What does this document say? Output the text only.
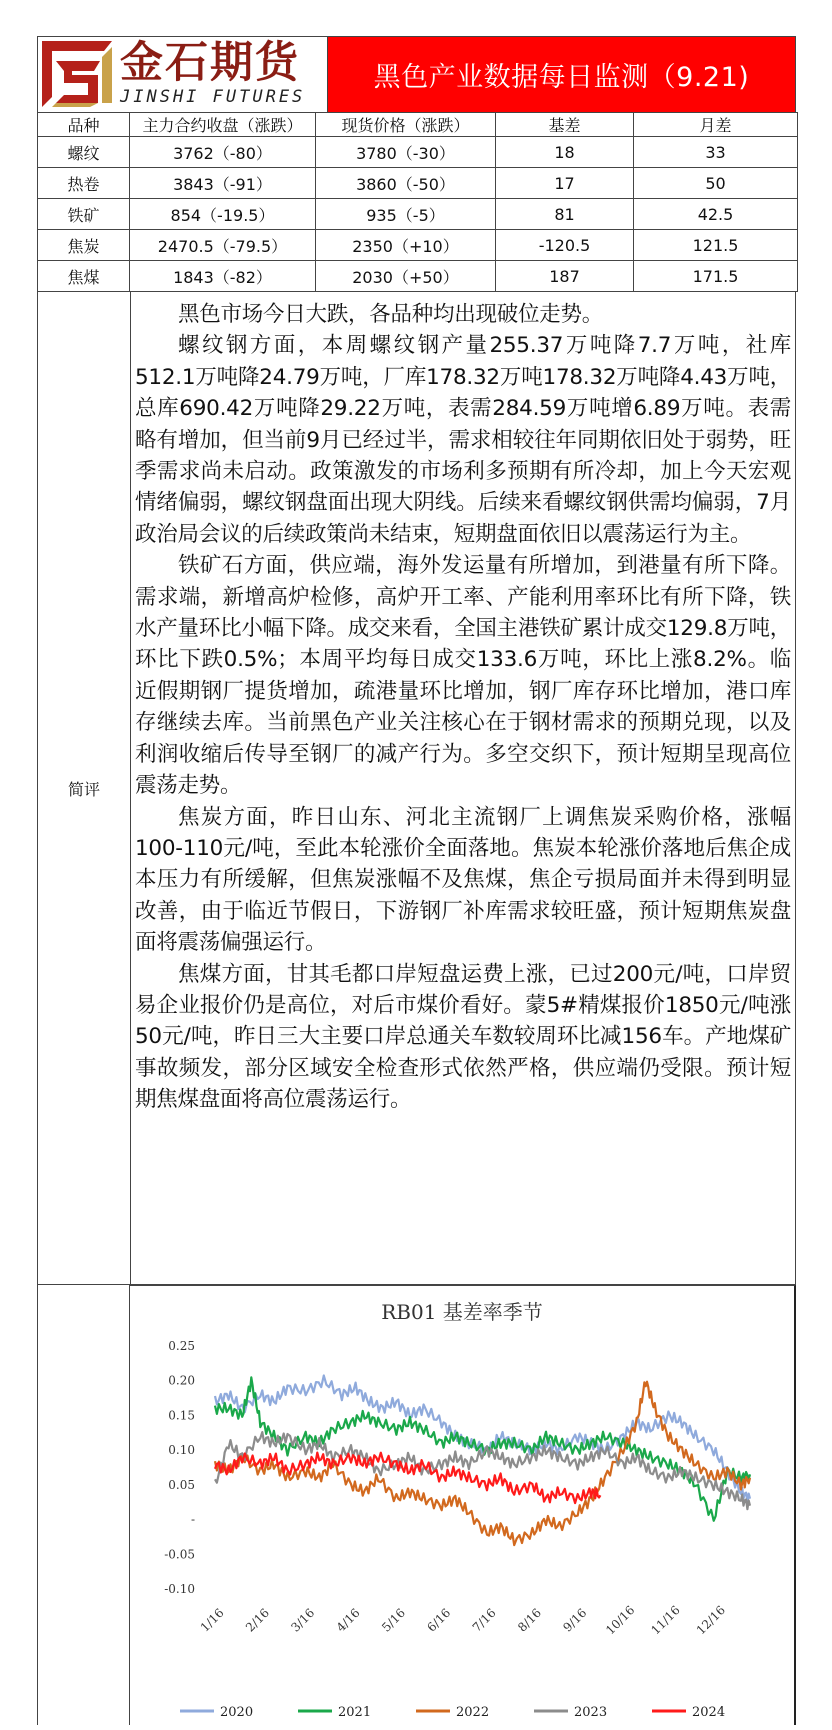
金石期货
JINSHI FUTURES
黑色产业数据每日监测（9.21)
品种	主力合约收盘（涨跌）	现货价格（涨跌）	基差	月差
螺纹	3762（-80）	3780（-30）	18	33
热卷	3843（-91）	3860（-50）	17	50
铁矿	854（-19.5）	935（-5）	81	42.5
焦炭	2470.5（-79.5）	2350（+10）	-120.5	121.5
焦煤	1843（-82）	2030（+50）	187	171.5
简评

黑色市场今日大跌，各品种均出现破位走势。

螺纹钢方面，本周螺纹钢产量255.37万吨降7.7万吨，社库512.1万吨降24.79万吨，厂库178.32万吨178.32万吨降4.43万吨，总库690.42万吨降29.22万吨，表需284.59万吨增6.89万吨。表需略有增加，但当前9月已经过半，需求相较往年同期依旧处于弱势，旺季需求尚未启动。政策激发的市场利多预期有所冷却，加上今天宏观情绪偏弱，螺纹钢盘面出现大阴线。后续来看螺纹钢供需均偏弱，7月政治局会议的后续政策尚未结束，短期盘面依旧以震荡运行为主。

铁矿石方面，供应端，海外发运量有所增加，到港量有所下降。需求端，新增高炉检修，高炉开工率、产能利用率环比有所下降，铁水产量环比小幅下降。成交来看，全国主港铁矿累计成交129.8万吨，环比下跌0.5%；本周平均每日成交133.6万吨，环比上涨8.2%。临近假期钢厂提货增加，疏港量环比增加，钢厂库存环比增加，港口库存继续去库。当前黑色产业关注核心在于钢材需求的预期兑现，以及利润收缩后传导至钢厂的减产行为。多空交织下，预计短期呈现高位震荡走势。

焦炭方面，昨日山东、河北主流钢厂上调焦炭采购价格，涨幅100-110元/吨，至此本轮涨价全面落地。焦炭本轮涨价落地后焦企成本压力有所缓解，但焦炭涨幅不及焦煤，焦企亏损局面并未得到明显改善，由于临近节假日，下游钢厂补库需求较旺盛，预计短期焦炭盘面将震荡偏强运行。

焦煤方面，甘其毛都口岸短盘运费上涨，已过200元/吨，口岸贸易企业报价仍是高位，对后市煤价看好。蒙5#精煤报价1850元/吨涨50元/吨，昨日三大主要口岸总通关车数较周环比减156车。产地煤矿事故频发，部分区域安全检查形式依然严格，供应端仍受限。预计短期焦煤盘面将高位震荡运行。

RB01 基差率季节
0.25
0.20
0.15
0.10
0.05
-
-0.05
-0.10
1/16 2/16 3/16 4/16 5/16 6/16 7/16 8/16 9/16 10/16 11/16 12/16
2020	2021	2022	2023	2024
